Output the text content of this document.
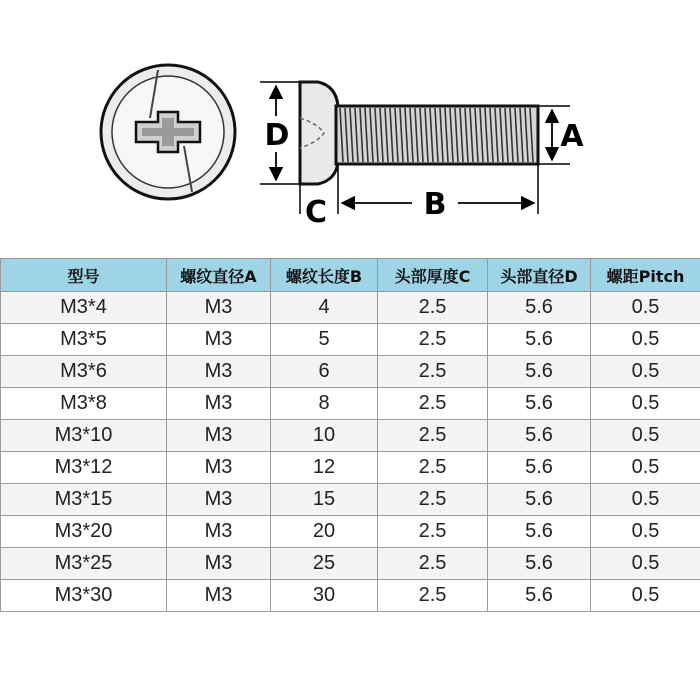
D	A
C	B
型号	螺纹直径A	螺纹长度B	头部厚度C	头部直径D	螺距Pitch
M3*4	M3	4	2.5	5.6	0.5
M3*5	M3	5	2.5	5.6	0.5
M3*6	M3	6	2.5	5.6	0.5
M3*8	M3	8	2.5	5.6	0.5
M3*10	M3	10	2.5	5.6	0.5
M3*12	M3	12	2.5	5.6	0.5
M3*15	M3	15	2.5	5.6	0.5
M3*20	M3	20	2.5	5.6	0.5
M3*25	M3	25	2.5	5.6	0.5
M3*30	M3	30	2.5	5.6	0.5
